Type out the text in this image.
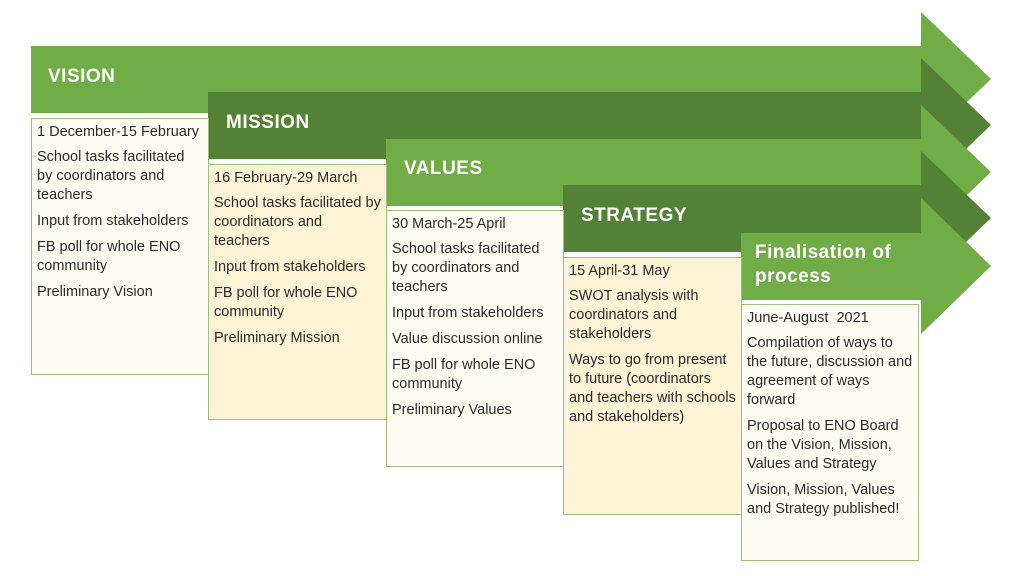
VISION
MISSION
VALUES
STRATEGY
Finalisation of process
1 December-15 February
School tasks facilitated by coordinators and teachers
Input from stakeholders
FB poll for whole ENO community
Preliminary Vision
16 February-29 March
School tasks facilitated by coordinators and teachers
Input from stakeholders
FB poll for whole ENO community
Preliminary Mission
30 March-25 April
School tasks facilitated by coordinators and teachers
Input from stakeholders
Value discussion online
FB poll for whole ENO community
Preliminary Values
15 April-31 May
SWOT analysis with coordinators and stakeholders
Ways to go from present to future (coordinators and teachers with schools and stakeholders)
June-August  2021
Compilation of ways to the future, discussion and agreement of ways forward
Proposal to ENO Board on the Vision, Mission, Values and Strategy
Vision, Mission, Values and Strategy published!
